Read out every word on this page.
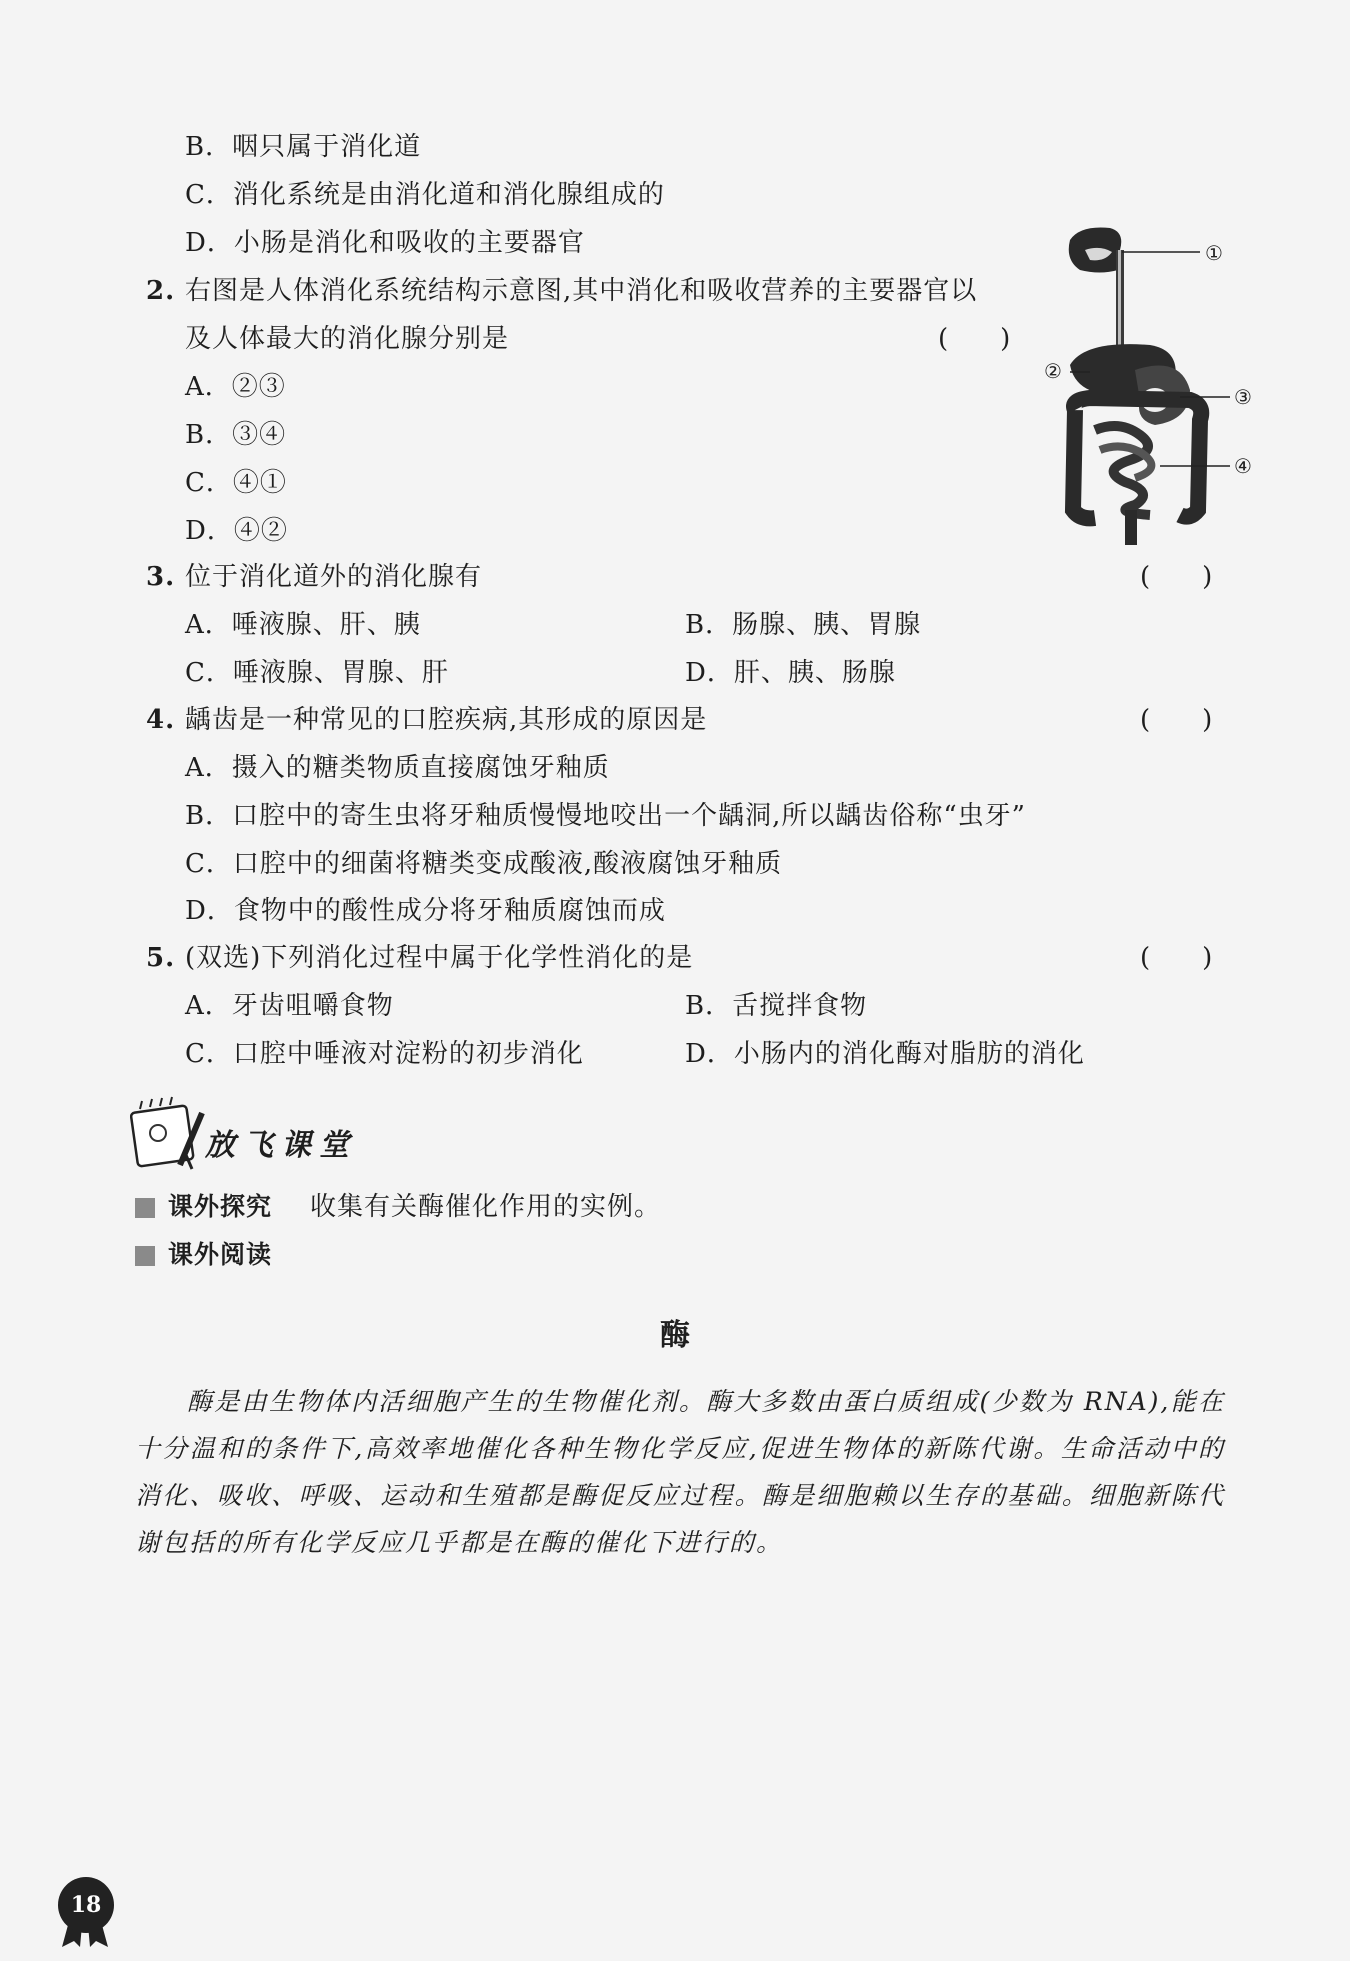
B．咽只属于消化道
C．消化系统是由消化道和消化腺组成的
D．小肠是消化和吸收的主要器官
2. 右图是人体消化系统结构示意图,其中消化和吸收营养的主要器官以
及人体最大的消化腺分别是	(　　)
A．②③
B．③④
C．④①
D．④②
①
②
③
④
3. 位于消化道外的消化腺有	(　　)
A．唾液腺、肝、胰	B．肠腺、胰、胃腺
C．唾液腺、胃腺、肝	D．肝、胰、肠腺
4. 龋齿是一种常见的口腔疾病,其形成的原因是	(　　)
A．摄入的糖类物质直接腐蚀牙釉质
B．口腔中的寄生虫将牙釉质慢慢地咬出一个龋洞,所以龋齿俗称“虫牙”
C．口腔中的细菌将糖类变成酸液,酸液腐蚀牙釉质
D．食物中的酸性成分将牙釉质腐蚀而成
5. (双选)下列消化过程中属于化学性消化的是	(　　)
A．牙齿咀嚼食物	B．舌搅拌食物
C．口腔中唾液对淀粉的初步消化	D．小肠内的消化酶对脂肪的消化
放飞课堂
课外探究 收集有关酶催化作用的实例。
课外阅读
酶
酶是由生物体内活细胞产生的生物催化剂。酶大多数由蛋白质组成(少数为 RNA),能在十分温和的条件下,高效率地催化各种生物化学反应,促进生物体的新陈代谢。生命活动中的消化、吸收、呼吸、运动和生殖都是酶促反应过程。酶是细胞赖以生存的基础。细胞新陈代谢包括的所有化学反应几乎都是在酶的催化下进行的。
18
